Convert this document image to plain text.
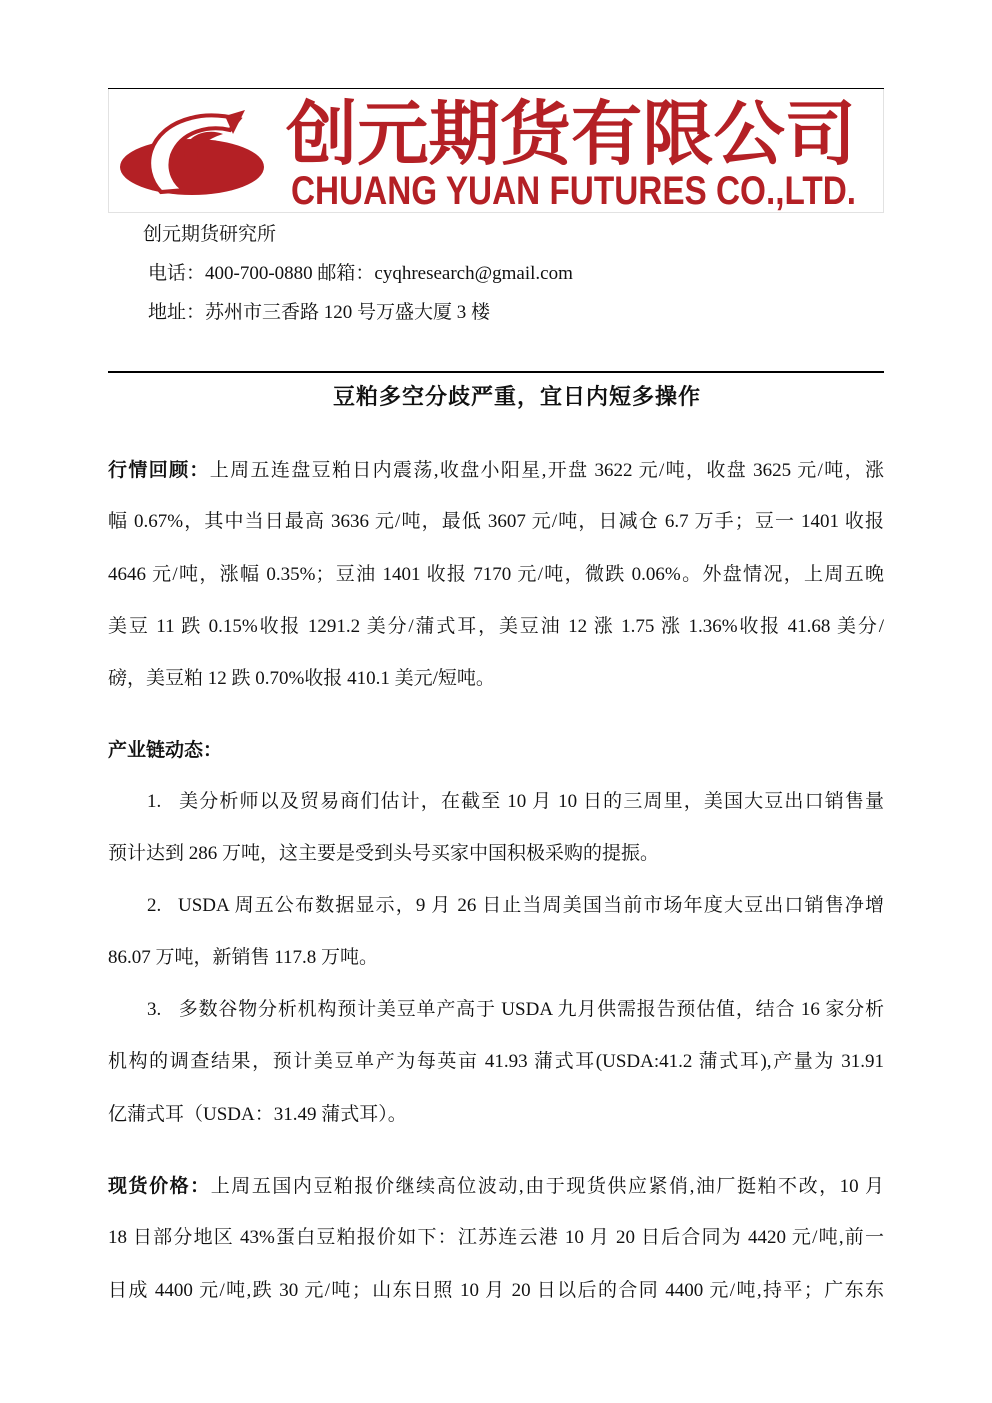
创元期货有限公司
CHUANG YUAN FUTURES CO.,LTD.
创元期货研究所
电话：400-700-0880 邮箱：cyqhresearch@gmail.com
地址：苏州市三香路 120 号万盛大厦 3 楼
豆粕多空分歧严重，宜日内短多操作
行情回顾：上周五连盘豆粕日内震荡,收盘小阳星,开盘 3622 元/吨，收盘 3625 元/吨，涨
幅 0.67%，其中当日最高 3636 元/吨，最低 3607 元/吨，日减仓 6.7 万手；豆一 1401 收报
4646 元/吨，涨幅 0.35%；豆油 1401 收报 7170 元/吨，微跌 0.06%。外盘情况，上周五晚
美豆 11 跌 0.15%收报 1291.2 美分/蒲式耳，美豆油 12 涨 1.75 涨 1.36%收报 41.68 美分/
磅，美豆粕 12 跌 0.70%收报 410.1 美元/短吨。
产业链动态：
1. 美分析师以及贸易商们估计，在截至 10 月 10 日的三周里，美国大豆出口销售量
预计达到 286 万吨，这主要是受到头号买家中国积极采购的提振。
2. USDA 周五公布数据显示，9 月 26 日止当周美国当前市场年度大豆出口销售净增
86.07 万吨，新销售 117.8 万吨。
3. 多数谷物分析机构预计美豆单产高于 USDA 九月供需报告预估值，结合 16 家分析
机构的调查结果，预计美豆单产为每英亩 41.93 蒲式耳(USDA:41.2 蒲式耳),产量为 31.91
亿蒲式耳（USDA：31.49 蒲式耳）。
现货价格：上周五国内豆粕报价继续高位波动,由于现货供应紧俏,油厂挺粕不改，10 月
18 日部分地区 43%蛋白豆粕报价如下：江苏连云港 10 月 20 日后合同为 4420 元/吨,前一
日成 4400 元/吨,跌 30 元/吨；山东日照 10 月 20 日以后的合同 4400 元/吨,持平；广东东
